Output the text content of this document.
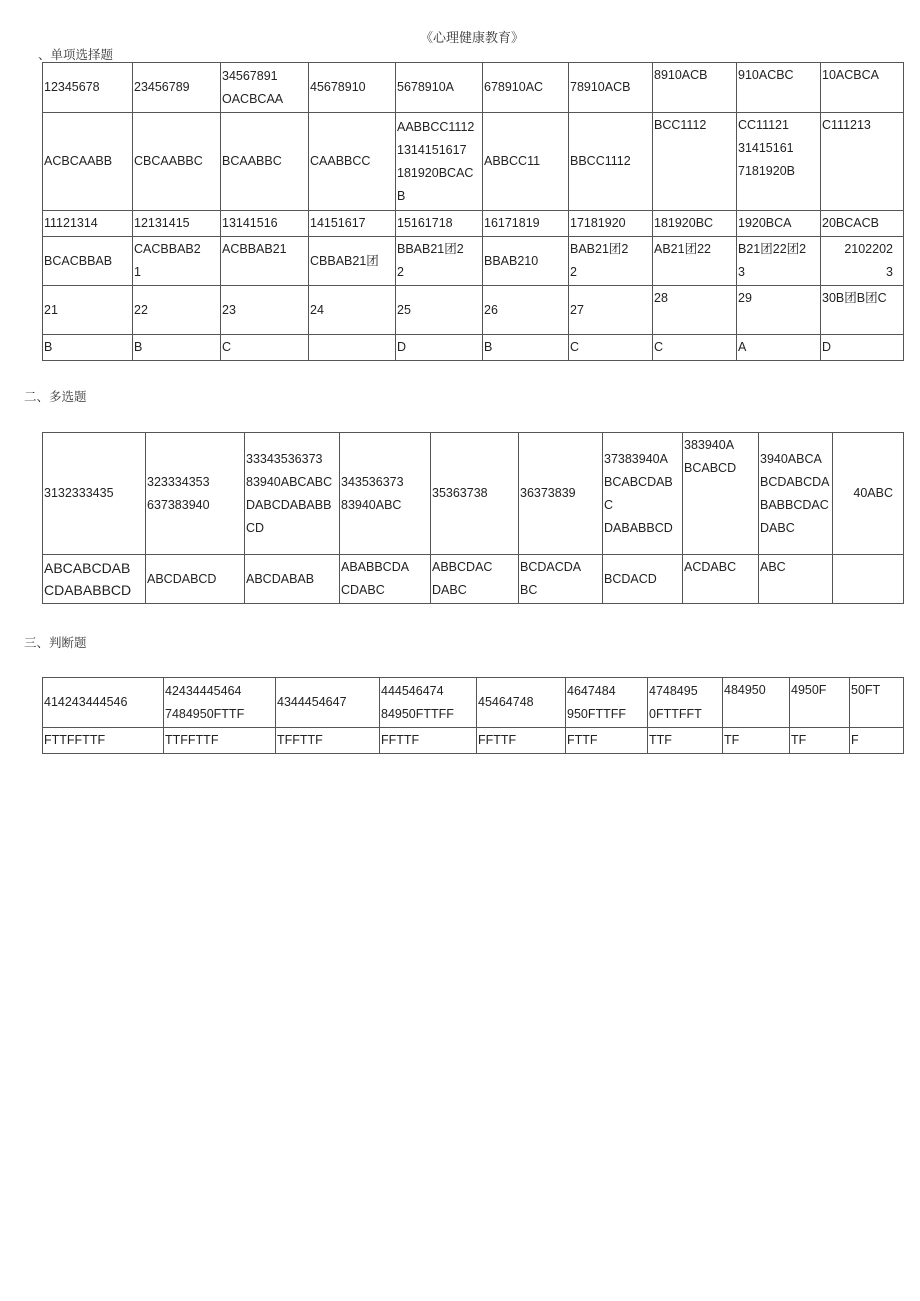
《心理健康教育》
、单项选择题
12345678	23456789	34567891
OACBCAA	45678910	5678910A	678910AC	78910ACB	8910ACB	910ACBC	10ACBCA
ACBCAABB	CBCAABBC	BCAABBC	CAABBCC	AABBCC1112
1314151617
181920BCAC
B	ABBCC11	BBCC1112	BCC1112	CC11121
31415161
7181920B	C111213
11121314	12131415	13141516	14151617	15161718	16171819	17181920	181920BC	1920BCA	20BCACB
BCACBBAB	CACBBAB2
1	ACBBAB21	CBBAB21团	BBAB21团2
2	BBAB210	BAB21团2
2	AB21团22	B21团22团2
3	2102202
3
21	22	23	24	25	26	27	28	29	30B团B团C
B	B	C		D	B	C	C	A	D
二、多选题
3132333435	323334353
637383940	33343536373
83940ABCABC
DABCDABABB
CD	343536373
83940ABC	35363738	36373839	37383940A
BCABCDABC
DABABBCD	383940A
BCABCD	3940ABCA
BCDABCDA
BABBCDAC
DABC	40ABC
ABCABCDAB
CDABABBCD	ABCDABCD	ABCDABAB	ABABBCDA
CDABC	ABBCDAC
DABC	BCDACDA
BC	BCDACD	ACDABC	ABC	
三、判断题
414243444546	42434445464
7484950FTTF	4344454647	444546474
84950FTTFF	45464748	4647484
950FTTFF	4748495
0FTTFFT	484950	4950F	50FT
FTTFFTTF	TTFFTTF	TFFTTF	FFTTF	FFTTF	FTTF	TTF	TF	TF	F
